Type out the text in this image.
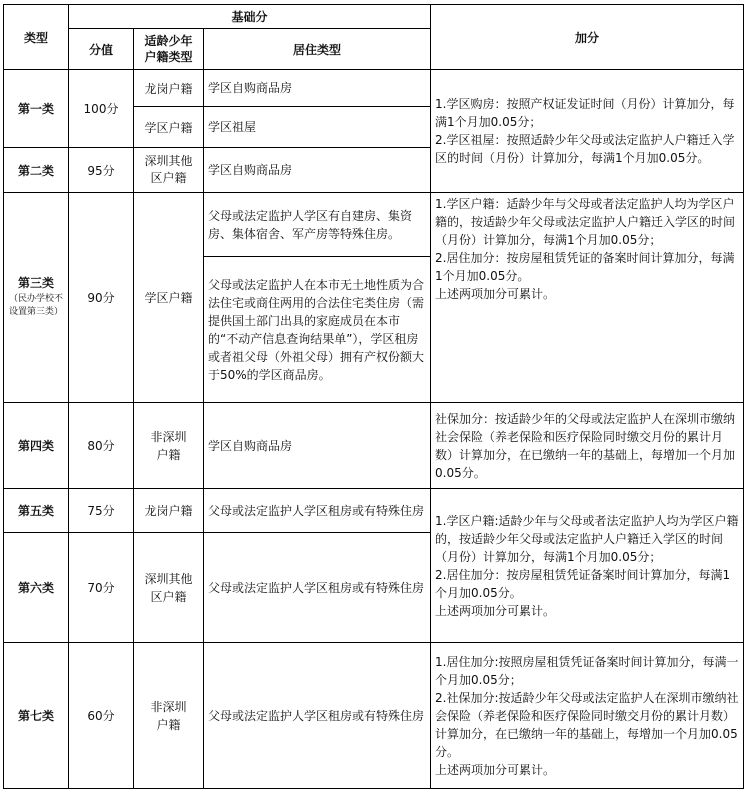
类型	基础分			加分
	分值	适龄少年户籍类型	居住类型	
第一类	100分	龙岗户籍	学区自购商品房	1.学区购房：按照产权证发证时间（月份）计算加分，每满1个月加0.05分；
2.学区祖屋：按照适龄少年父母或法定监护人户籍迁入学区的时间（月份）计算加分，每满1个月加0.05分。
		学区户籍	学区祖屋	
第二类	95分	深圳其他区户籍	学区自购商品房	

第三类
（民办学校不设置第三类）	90分	学区户籍	父母或法定监护人学区有自建房、集资房、集体宿舍、军产房等特殊住房。	1.学区户籍：适龄少年与父母或者法定监护人均为学区户籍的，按适龄少年父母或法定监护人户籍迁入学区的时间（月份）计算加分，每满1个月加0.05分；
2.居住加分：按房屋租赁凭证的备案时间计算加分，每满1个月加0.05分。
上述两项加分可累计。
			父母或法定监护人在本市无土地性质为合法住宅或商住两用的合法住宅类住房（需提供国土部门出具的家庭成员在本市的“不动产信息查询结果单”），学区租房或者祖父母（外祖父母）拥有产权份额大于50%的学区商品房。	
第四类	80分	非深圳户籍	学区自购商品房	社保加分：按适龄少年的父母或法定监护人在深圳市缴纳社会保险（养老保险和医疗保险同时缴交月份的累计月数）计算加分，在已缴纳一年的基础上，每增加一个月加0.05分。
第五类	75分	龙岗户籍	父母或法定监护人学区租房或有特殊住房	1.学区户籍:适龄少年与父母或者法定监护人均为学区户籍的，按适龄少年父母或法定监护人户籍迁入学区的时间（月份）计算加分，每满1个月加0.05分；
2.居住加分：按房屋租赁凭证备案时间计算加分，每满1个月加0.05分。
上述两项加分可累计。
第六类	70分	深圳其他区户籍	父母或法定监护人学区租房或有特殊住房	
第七类	60分	非深圳户籍	父母或法定监护人学区租房或有特殊住房	1.居住加分:按照房屋租赁凭证备案时间计算加分，每满一个月加0.05分；
2.社保加分:按适龄少年父母或法定监护人在深圳市缴纳社会保险（养老保险和医疗保险同时缴交月份的累计月数）计算加分，在已缴纳一年的基础上，每增加一个月加0.05分。
上述两项加分可累计。
